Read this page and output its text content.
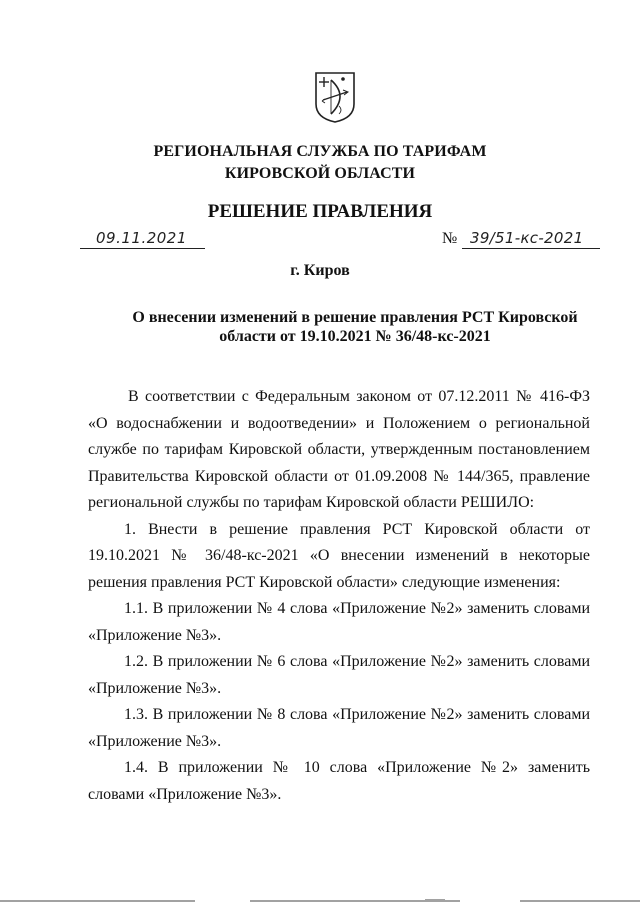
РЕГИОНАЛЬНАЯ СЛУЖБА ПО ТАРИФАМ
КИРОВСКОЙ ОБЛАСТИ
РЕШЕНИЕ ПРАВЛЕНИЯ
09.11.2021	№ 39/51-кс-2021
г. Киров
О внесении изменений в решение правления РСТ Кировской
области от 19.10.2021 № 36/48-кс-2021

В соответствии с Федеральным законом от 07.12.2011 № 416-ФЗ «О водоснабжении и водоотведении» и Положением о региональной службе по тарифам Кировской области, утвержденным постановлением Правительства Кировской области от 01.09.2008 № 144/365, правление региональной службы по тарифам Кировской области РЕШИЛО:

1. Внести в решение правления РСТ Кировской области от 19.10.2021 № 36/48-кс-2021 «О внесении изменений в некоторые решения правления РСТ Кировской области» следующие изменения:

1.1. В приложении № 4 слова «Приложение №2» заменить словами «Приложение №3».

1.2. В приложении № 6 слова «Приложение №2» заменить словами «Приложение №3».

1.3. В приложении № 8 слова «Приложение №2» заменить словами «Приложение №3».

1.4. В приложении № 10 слова «Приложение №2» заменить словами «Приложение №3».
